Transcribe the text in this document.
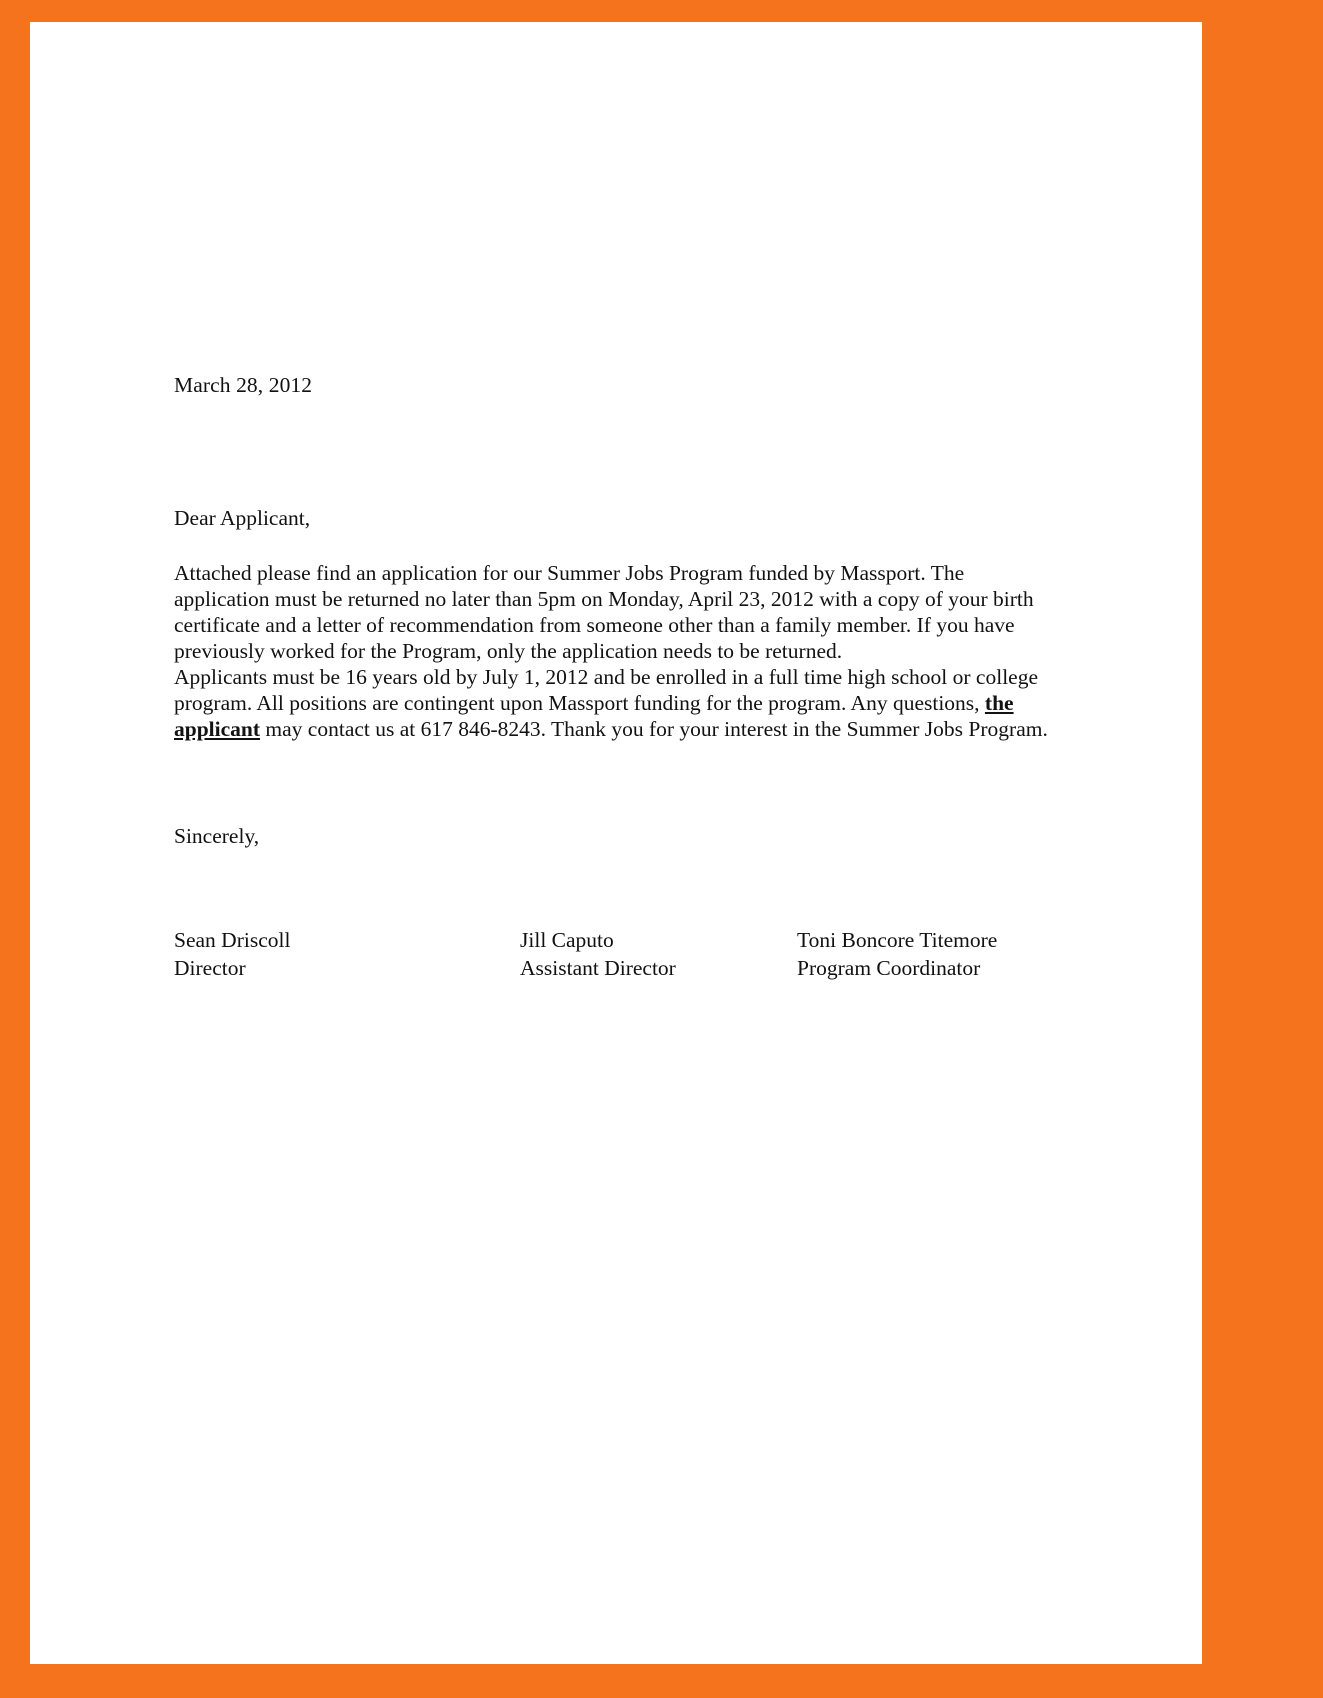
March 28, 2012
Dear Applicant,
Attached please find an application for our Summer Jobs Program funded by Massport. The application must be returned no later than 5pm on Monday, April 23, 2012 with a copy of your birth certificate and a letter of recommendation from someone other than a family member. If you have previously worked for the Program, only the application needs to be returned.
Applicants must be 16 years old by July 1, 2012 and be enrolled in a full time high school or college program. All positions are contingent upon Massport funding for the program. Any questions, the applicant may contact us at 617 846-8243. Thank you for your interest in the Summer Jobs Program.
Sincerely,
Sean Driscoll
Director
Jill Caputo
Assistant Director
Toni Boncore Titemore
Program Coordinator
